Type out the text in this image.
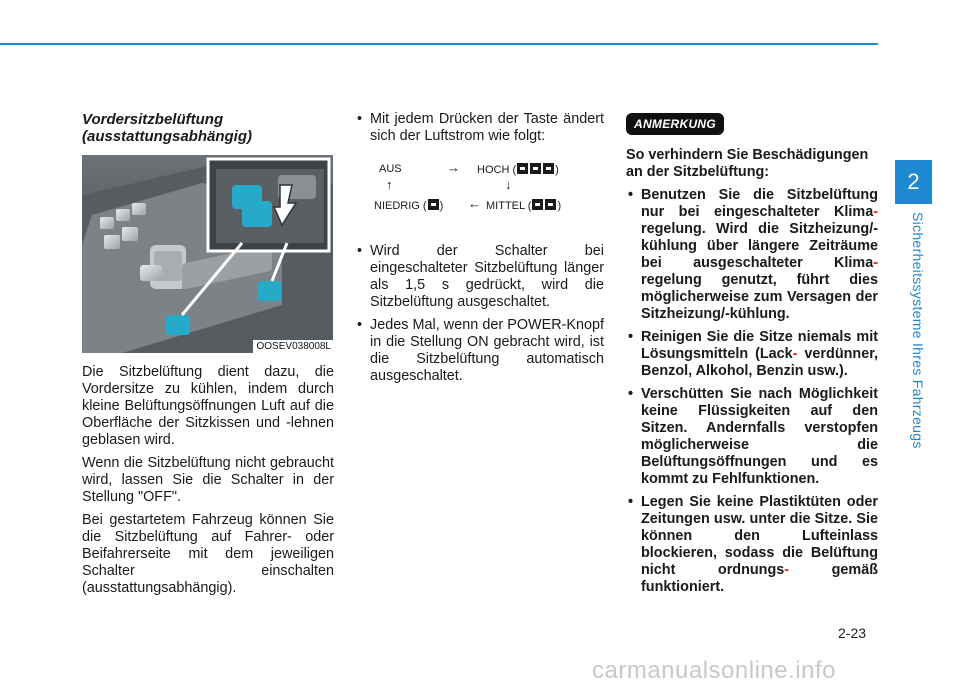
2
Sicherheitssysteme Ihres Fahrzeugs
Vordersitzbelüftung
(ausstattungsabhängig)
OOSEV038008L

Die Sitzbelüftung dient dazu, die Vordersitze zu kühlen, indem durch kleine Belüftungsöffnungen Luft auf die Oberfläche der Sitzkissen und -lehnen geblasen wird.

Wenn die Sitzbelüftung nicht gebraucht wird, lassen Sie die Schalter in der Stellung "OFF".

Bei gestartetem Fahrzeug können Sie die Sitzbelüftung auf Fahrer- oder Beifahrerseite mit dem jeweiligen Schalter einschalten (ausstattungsabhängig).

• Mit jedem Drücken der Taste ändert sich der Luftstrom wie folgt:
AUS	→ HOCH (	)
↑	↓
NIEDRIG ( ) ← MITTEL ( )
• Wird der Schalter bei eingeschalteter Sitzbelüftung länger als 1,5 s gedrückt, wird die Sitzbelüftung ausgeschaltet.
• Jedes Mal, wenn der POWER-Knopf in die Stellung ON gebracht wird, ist die Sitzbelüftung automatisch ausgeschaltet.
ANMERKUNG

So verhindern Sie Beschädigungen an der Sitzbelüftung:

• Benutzen Sie die Sitzbelüftung nur bei eingeschalteter Klima- regelung. Wird die Sitzheizung/-kühlung über längere Zeiträume bei ausgeschalteter Klima- regelung genutzt, führt dies möglicherweise zum Versagen der Sitzheizung/-kühlung.
• Reinigen Sie die Sitze niemals mit Lösungsmitteln (Lack- verdünner, Benzol, Alkohol, Benzin usw.).
• Verschütten Sie nach Möglichkeit keine Flüssigkeiten auf den Sitzen. Andernfalls verstopfen möglicherweise die Belüftungsöffnungen und es kommt zu Fehlfunktionen.
• Legen Sie keine Plastiktüten oder Zeitungen usw. unter die Sitze. Sie können den Lufteinlass blockieren, sodass die Belüftung nicht ordnungs-	gemäß funktioniert.
2-23
carmanualsonline.info
